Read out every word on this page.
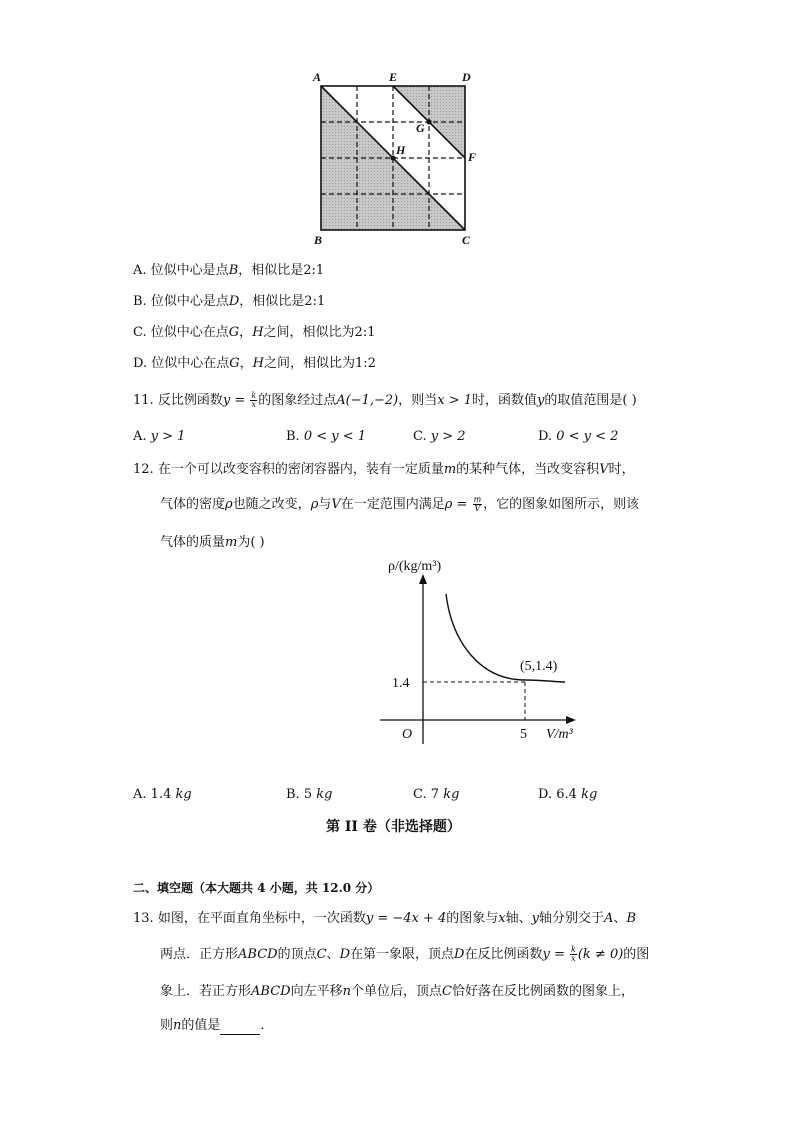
A	E	D
G
H	F
B	C
A. 位似中心是点B，相似比是2:1
B. 位似中心是点D，相似比是2:1
C. 位似中心在点G，H之间，相似比为2:1
D. 位似中心在点G，H之间，相似比为1:2
11. 反比例函数$y = \frac{k}{x}$ 的图象经过点A(−1,−2)，则当x > 1时，函数值y的取值范围是( )
A. y > 1	B. 0 < y < 1	C. y > 2	D. 0 < y < 2
12. 在一个可以改变容积的密闭容器内，装有一定质量m的某种气体，当改变容积V时，
气体的密度ρ也随之改变，ρ与V在一定范围内满足$\rho = \frac{m}{V}$ ，它的图象如图所示，则该
气体的质量m为( )
ρ/(kg/m³)
1.4
5
O	V/m³
(5,1.4)
A. 1.4 kg	B. 5 kg	C. 7 kg	D. 6.4 kg
第 II 卷（非选择题）
二、填空题（本大题共 4 小题，共 12.0 分）
13. 如图，在平面直角坐标中，一次函数y = −4x + 4的图象与x轴、y轴分别交于A、B
两点．正方形ABCD的顶点C、D在第一象限，顶点D在反比例函数$y = \frac{k}{x} (k \ne 0)$的图
象上．若正方形ABCD向左平移n个单位后，顶点C恰好落在反比例函数的图象上，
则n的值是	．
